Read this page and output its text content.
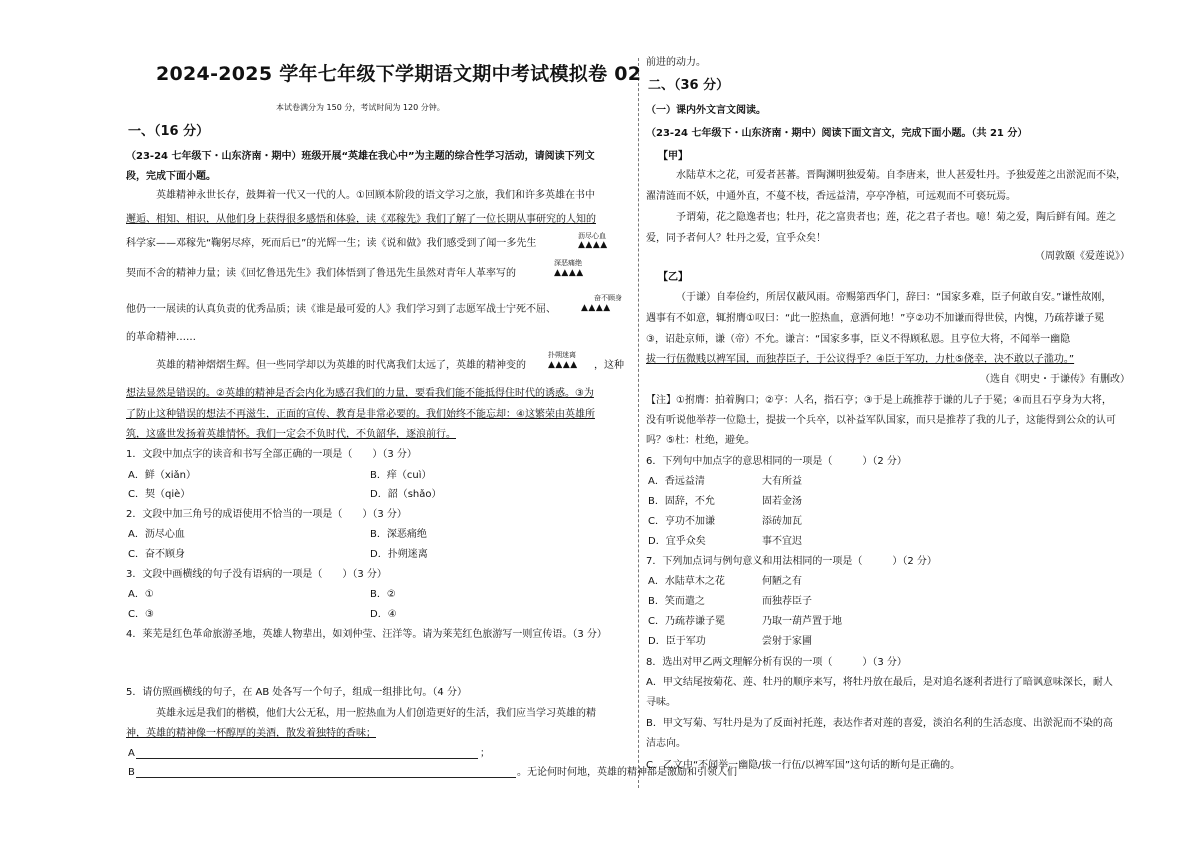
2024-2025 学年七年级下学期语文期中考试模拟卷 02
本试卷满分为 150 分，考试时间为 120 分钟。
一、（16 分）
（23-24 七年级下・山东济南・期中）班级开展“英雄在我心中”为主题的综合性学习活动，请阅读下列文
段，完成下面小题。
英雄精神永世长存，鼓舞着一代又一代的人。①回顾本阶段的语文学习之旅，我们和许多英雄在书中
邂逅、相知、相识，从他们身上获得很多感悟和体验，读《邓稼先》我们了解了一位长期从事研究的人知的
科学家——邓稼先“鞠躬尽瘁，死而后已”的光辉一生；读《说和做》我们感受到了闻一多先生
沥尽心血
▲▲▲▲
契而不舍的精神力量；读《回忆鲁迅先生》我们体悟到了鲁迅先生虽然对青年人革率写的
深恶痛绝
▲▲▲▲
他仍一一展读的认真负责的优秀品质；读《谁是最可爱的人》我们学习到了志愿军战士宁死不屈、
奋不顾身
▲▲▲▲
的革命精神……
英雄的精神熠熠生辉。但一些同学却以为英雄的时代离我们太远了，英雄的精神变的
扑朔迷离
▲▲▲▲ ，这种
想法显然是错误的。②英雄的精神是否会内化为感召我们的力量，要看我们能不能抵得住时代的诱惑。③为
了防止这种错误的想法不再滋生，正面的宣传、教育是非常必要的。我们始终不能忘却：④这繁荣由英雄所
筑，这盛世发扬着英雄情怀。我们一定会不负时代，不负韶华，逐浪前行。
1．文段中加点字的读音和书写全部正确的一项是（　　）（3 分）
A．鲜（xiǎn）	B．痒（cuì）
C．契（qiè）	D．韶（shǎo）
2．文段中加三角号的成语使用不恰当的一项是（　　）（3 分）
A．沥尽心血	B．深恶痛绝
C．奋不顾身	D．扑朔迷离
3．文段中画横线的句子没有语病的一项是（　　）（3 分）
A．①	B．②
C．③	D．④
4．莱芜是红色革命旅游圣地，英雄人物辈出，如刘仲莹、汪洋等。请为莱芜红色旅游写一则宣传语。（3 分）
5．请仿照画横线的句子，在 AB 处各写一个句子，组成一组排比句。（4 分）
英雄永远是我们的楷模，他们大公无私，用一腔热血为人们创造更好的生活，我们应当学习英雄的精
神，英雄的精神像一杯醇厚的美酒，散发着独特的香味；
A	；
B	。无论何时何地，英雄的精神都是激励和引领人们
前进的动力。
二、（36 分）
（一）课内外文言文阅读。
（23-24 七年级下・山东济南・期中）阅读下面文言文，完成下面小题。（共 21 分）
【甲】
水陆草木之花，可爱者甚蕃。晋陶渊明独爱菊。自李唐来，世人甚爱牡丹。予独爱莲之出淤泥而不染，
濯清涟而不妖，中通外直，不蔓不枝，香远益清，亭亭净植，可远观而不可亵玩焉。
予谓菊，花之隐逸者也；牡丹，花之富贵者也；莲，花之君子者也。噫！菊之爱，陶后鲜有闻。莲之
爱，同予者何人？牡丹之爱，宜乎众矣！
（周敦颐《爱莲说》）
【乙】
（于谦）自奉俭约，所居仅蔽风雨。帝赐第西华门，辞曰：“国家多难，臣子何敢自安。”谦性故刚，
遇事有不如意，辄拊膺①叹曰：“此一腔热血，意洒何地！”亨②功不加谦而得世侯，内愧，乃疏荐谦子冕
③，诏赴京师，谦（帝）不允。谦言：“国家多事，臣义不得顾私恩。且亨位大将，不闻举一幽隐
拔一行伍微贱以裨军国，而独荐臣子，于公议得乎？④臣于军功，力杜⑤侥幸，决不敢以子滥功。”
（选自《明史・于谦传》有删改）
【注】①拊膺：拍着胸口；②亨：人名，指石亨；③于是上疏推荐于谦的儿子于冕；④而且石亨身为大将，
没有听说他举荐一位隐士，提拔一个兵卒，以补益军队国家，而只是推荐了我的儿子，这能得到公众的认可
吗？⑤杜：杜绝，避免。
6．下列句中加点字的意思相同的一项是（　　　）（2 分）
A．香远益清	大有所益
B．固辞，不允	固若金汤
C．亨功不加谦	添砖加瓦
D．宜乎众矣	事不宜迟
7．下列加点词与例句意义和用法相同的一项是（　　　）（2 分）
A．水陆草木之花	何陋之有
B．笑而遣之	而独荐臣子
C．乃疏荐谦子冕	乃取一葫芦置于地
D．臣于军功	尝射于家圃
8．选出对甲乙两文理解分析有误的一项（　　　）（3 分）
A．甲文结尾按菊花、莲、牡丹的顺序来写，将牡丹放在最后，是对追名逐利者进行了暗讽意味深长，耐人
寻味。
B．甲文写菊、写牡丹是为了反面衬托莲，表达作者对莲的喜爱，淡泊名利的生活态度、出淤泥而不染的高
洁志向。
C．乙文中“不闻举一幽隐/拔一行伍/以裨军国”这句话的断句是正确的。
